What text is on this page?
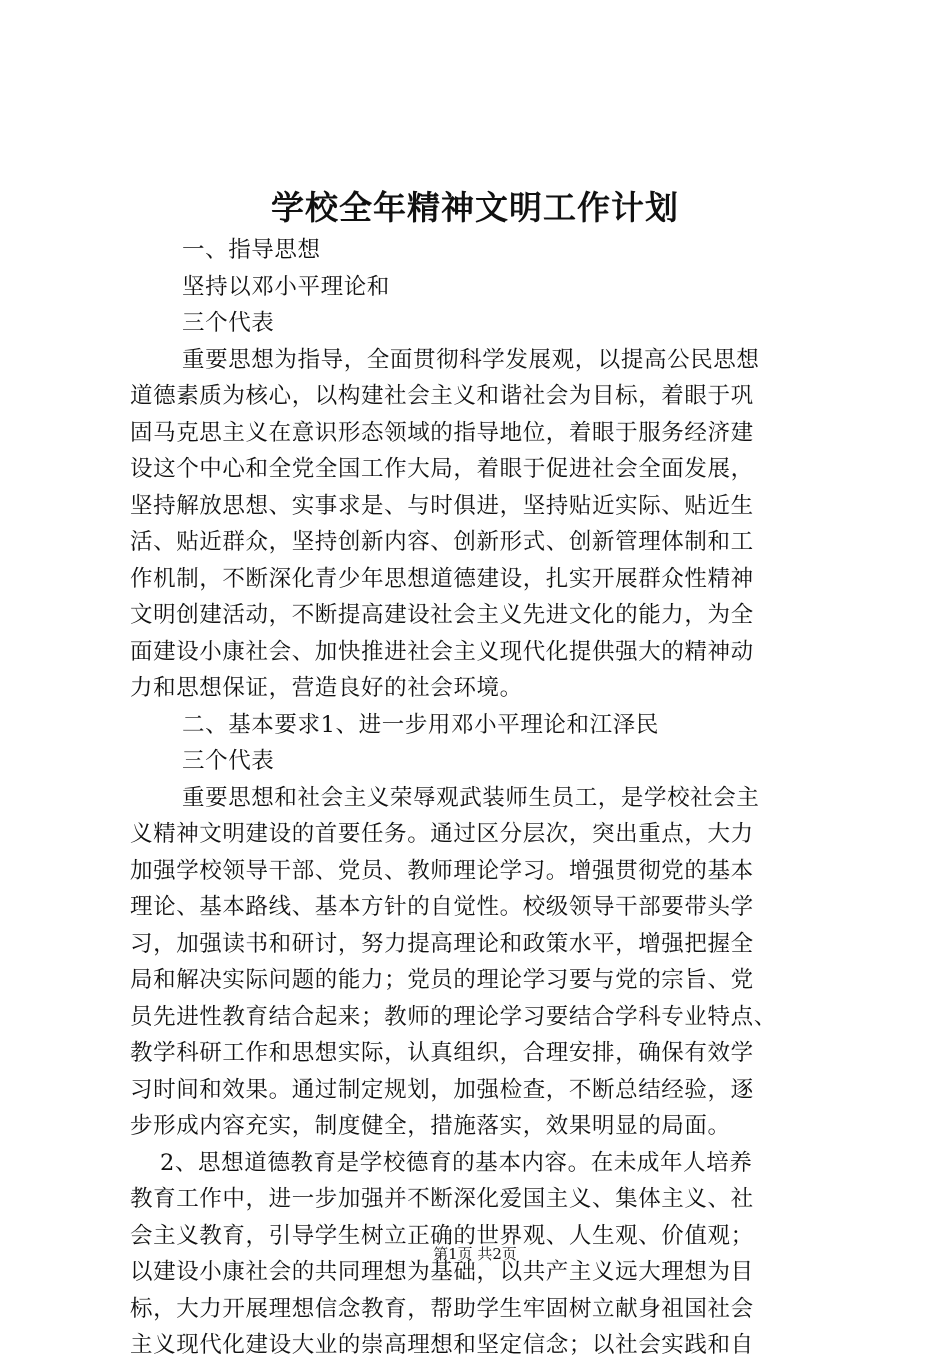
学校全年精神文明工作计划
一、指导思想
坚持以邓小平理论和
三个代表
重要思想为指导，全面贯彻科学发展观，以提高公民思想
道德素质为核心，以构建社会主义和谐社会为目标，着眼于巩
固马克思主义在意识形态领域的指导地位，着眼于服务经济建
设这个中心和全党全国工作大局，着眼于促进社会全面发展，
坚持解放思想、实事求是、与时俱进，坚持贴近实际、贴近生
活、贴近群众，坚持创新内容、创新形式、创新管理体制和工
作机制，不断深化青少年思想道德建设，扎实开展群众性精神
文明创建活动，不断提高建设社会主义先进文化的能力，为全
面建设小康社会、加快推进社会主义现代化提供强大的精神动
力和思想保证，营造良好的社会环境。
二、基本要求1、进一步用邓小平理论和江泽民
三个代表
重要思想和社会主义荣辱观武装师生员工，是学校社会主
义精神文明建设的首要任务。通过区分层次，突出重点，大力
加强学校领导干部、党员、教师理论学习。增强贯彻党的基本
理论、基本路线、基本方针的自觉性。校级领导干部要带头学
习，加强读书和研讨，努力提高理论和政策水平，增强把握全
局和解决实际问题的能力；党员的理论学习要与党的宗旨、党
员先进性教育结合起来；教师的理论学习要结合学科专业特点、
教学科研工作和思想实际，认真组织，合理安排，确保有效学
习时间和效果。通过制定规划，加强检查，不断总结经验，逐
步形成内容充实，制度健全，措施落实，效果明显的局面。
2、思想道德教育是学校德育的基本内容。在未成年人培养
教育工作中，进一步加强并不断深化爱国主义、集体主义、社
会主义教育，引导学生树立正确的世界观、人生观、价值观；
以建设小康社会的共同理想为基础，以共产主义远大理想为目
标，大力开展理想信念教育，帮助学生牢固树立献身祖国社会
主义现代化建设大业的崇高理想和坚定信念；以社会实践和自
第1页 共2页
